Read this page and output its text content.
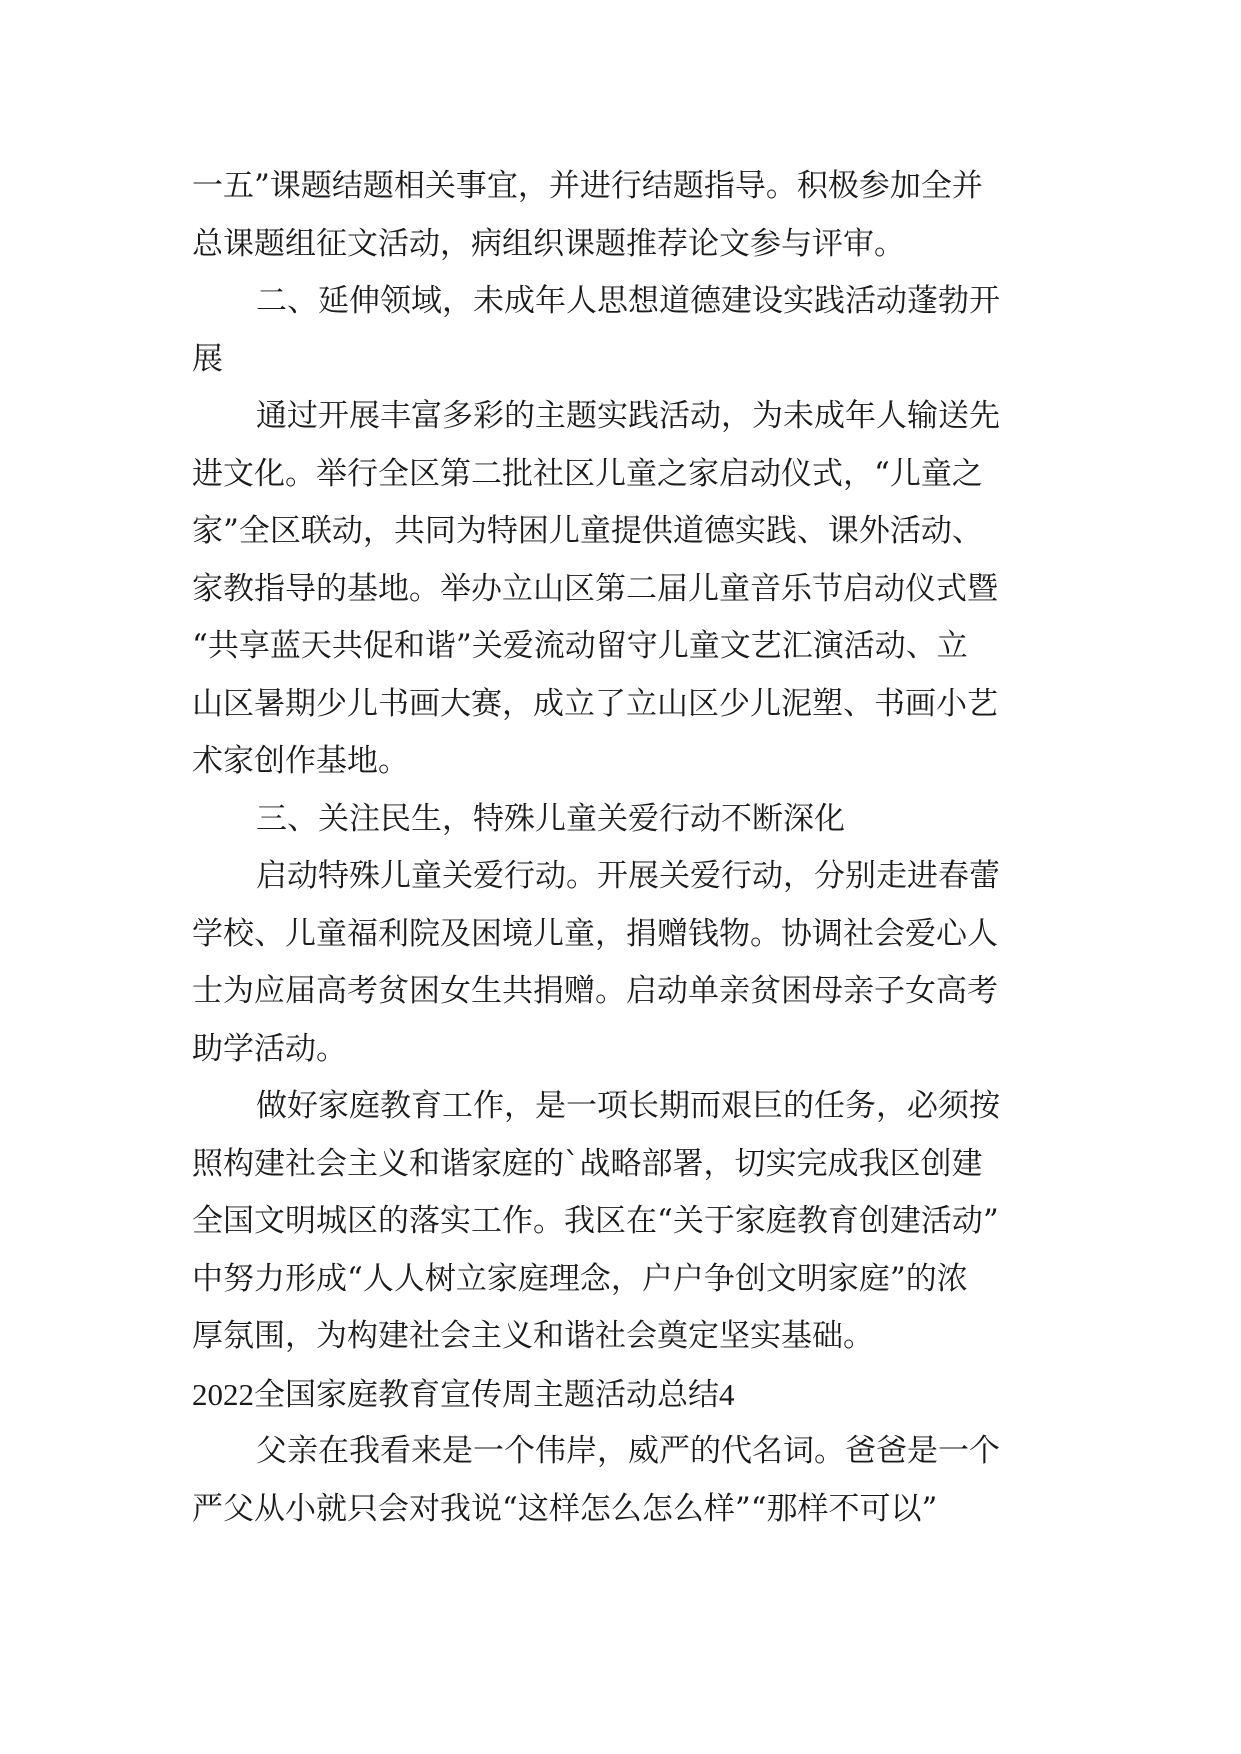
一五”课题结题相关事宜，并进行结题指导。积极参加全并
总课题组征文活动，病组织课题推荐论文参与评审。
二、延伸领域，未成年人思想道德建设实践活动蓬勃开
展
通过开展丰富多彩的主题实践活动，为未成年人输送先
进文化。举行全区第二批社区儿童之家启动仪式，“儿童之
家”全区联动，共同为特困儿童提供道德实践、课外活动、
家教指导的基地。举办立山区第二届儿童音乐节启动仪式暨
“共享蓝天共促和谐”关爱流动留守儿童文艺汇演活动、立
山区暑期少儿书画大赛，成立了立山区少儿泥塑、书画小艺
术家创作基地。
三、关注民生，特殊儿童关爱行动不断深化
启动特殊儿童关爱行动。开展关爱行动，分别走进春蕾
学校、儿童福利院及困境儿童，捐赠钱物。协调社会爱心人
士为应届高考贫困女生共捐赠。启动单亲贫困母亲子女高考
助学活动。
做好家庭教育工作，是一项长期而艰巨的任务，必须按
照构建社会主义和谐家庭的`战略部署，切实完成我区创建
全国文明城区的落实工作。我区在“关于家庭教育创建活动”
中努力形成“人人树立家庭理念，户户争创文明家庭”的浓
厚氛围，为构建社会主义和谐社会奠定坚实基础。
2022全国家庭教育宣传周主题活动总结4
父亲在我看来是一个伟岸，威严的代名词。爸爸是一个
严父从小就只会对我说“这样怎么怎么样”“那样不可以”
